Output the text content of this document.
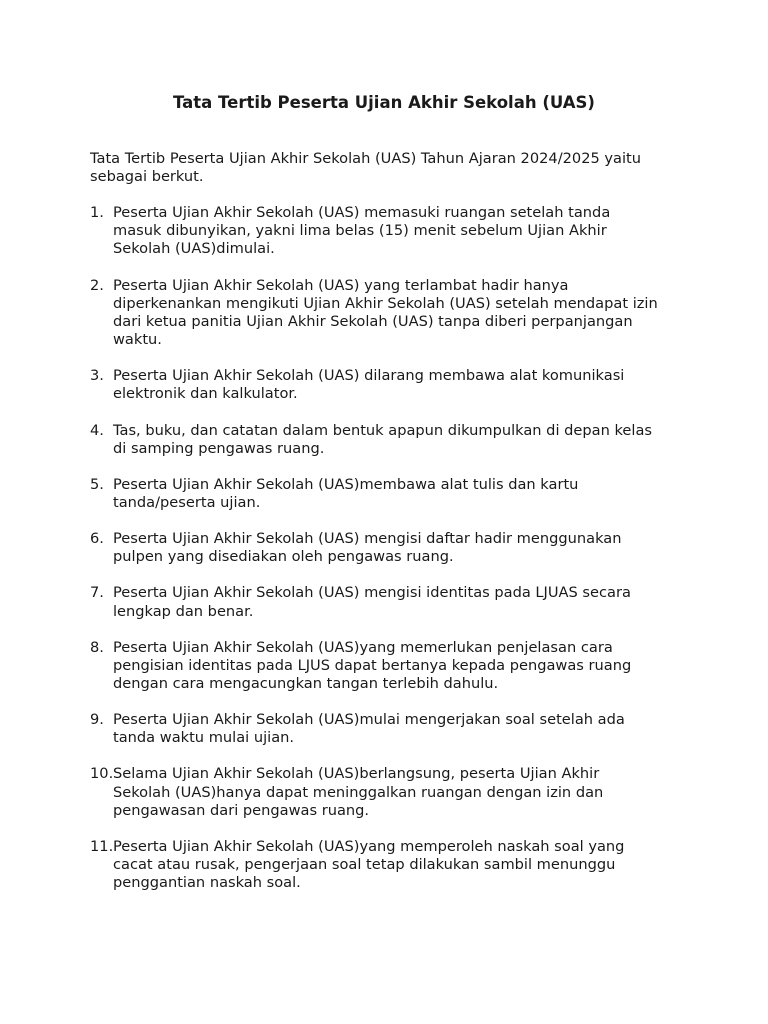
Tata Tertib Peserta Ujian Akhir Sekolah (UAS)

Tata Tertib Peserta Ujian Akhir Sekolah (UAS) Tahun Ajaran 2024/2025 yaitu sebagai berkut.

1. Peserta Ujian Akhir Sekolah (UAS) memasuki ruangan setelah tanda
masuk dibunyikan, yakni lima belas (15) menit sebelum Ujian Akhir
Sekolah (UAS)dimulai.
2. Peserta Ujian Akhir Sekolah (UAS) yang terlambat hadir hanya
diperkenankan mengikuti Ujian Akhir Sekolah (UAS) setelah mendapat izin
dari ketua panitia Ujian Akhir Sekolah (UAS) tanpa diberi perpanjangan
waktu.
3. Peserta Ujian Akhir Sekolah (UAS) dilarang membawa alat komunikasi
elektronik dan kalkulator.
4. Tas, buku, dan catatan dalam bentuk apapun dikumpulkan di depan kelas
di samping pengawas ruang.
5. Peserta Ujian Akhir Sekolah (UAS)membawa alat tulis dan kartu
tanda/peserta ujian.
6. Peserta Ujian Akhir Sekolah (UAS) mengisi daftar hadir menggunakan
pulpen yang disediakan oleh pengawas ruang.
7. Peserta Ujian Akhir Sekolah (UAS) mengisi identitas pada LJUAS secara
lengkap dan benar.
8. Peserta Ujian Akhir Sekolah (UAS)yang memerlukan penjelasan cara
pengisian identitas pada LJUS dapat bertanya kepada pengawas ruang
dengan cara mengacungkan tangan terlebih dahulu.
9. Peserta Ujian Akhir Sekolah (UAS)mulai mengerjakan soal setelah ada
tanda waktu mulai ujian.
10. Selama Ujian Akhir Sekolah (UAS)berlangsung, peserta Ujian Akhir
Sekolah (UAS)hanya dapat meninggalkan ruangan dengan izin dan
pengawasan dari pengawas ruang.
11. Peserta Ujian Akhir Sekolah (UAS)yang memperoleh naskah soal yang
cacat atau rusak, pengerjaan soal tetap dilakukan sambil menunggu
penggantian naskah soal.
